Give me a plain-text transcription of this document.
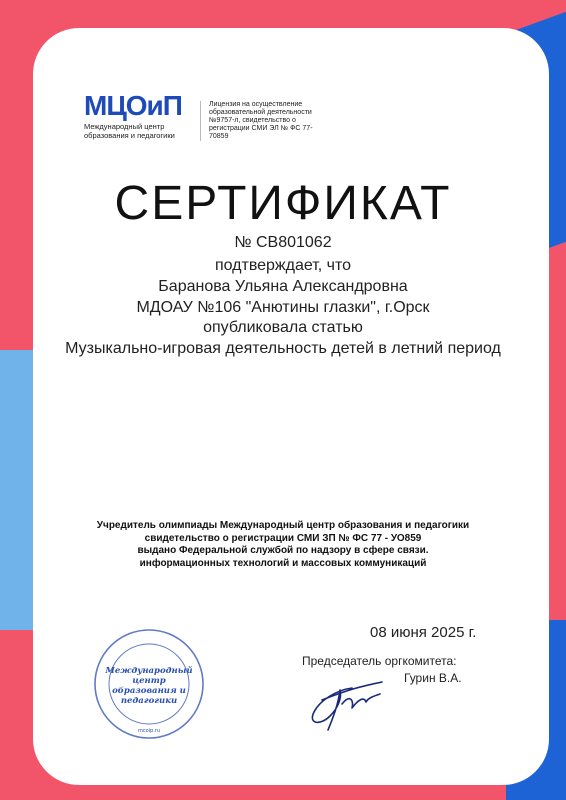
МЦОиП
Международный центр образования и педагогики
Лицензия на осуществление образовательной деятельности №9757-л, свидетельство о регистрации СМИ ЭЛ № ФС 77-70859
СЕРТИФИКАТ
№ СВ801062
подтверждает, что
Баранова Ульяна Александровна
МДОАУ №106 "Анютины глазки", г.Орск
опубликовала статью
Музыкально-игровая деятельность детей в летний период
Учредитель олимпиады Международный центр образования и педагогики
свидетельство о регистрации СМИ ЗП № ФС 77 - УО859
выдано Федеральной службой по надзору в сфере связи.
информационных технологий и массовых коммуникаций
08 июня 2025 г.
Международный
центр
образования и
педагогики
mcoip.ru
Председатель оргкомитета:
Гурин В.А.
